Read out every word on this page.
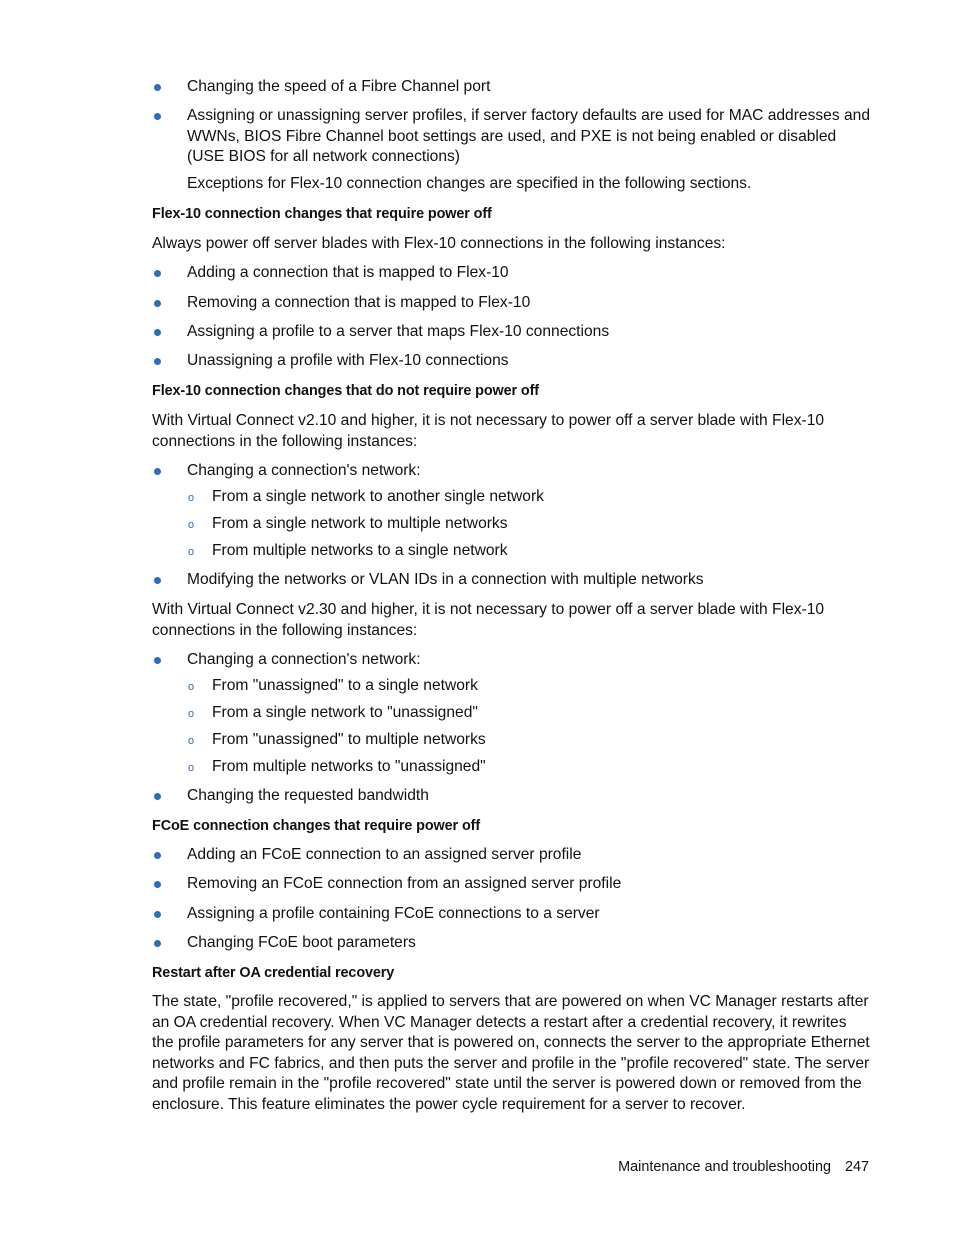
Changing the speed of a Fibre Channel port
Assigning or unassigning server profiles, if server factory defaults are used for MAC addresses and WWNs, BIOS Fibre Channel boot settings are used, and PXE is not being enabled or disabled (USE BIOS for all network connections)
Exceptions for Flex-10 connection changes are specified in the following sections.
Flex-10 connection changes that require power off
Always power off server blades with Flex-10 connections in the following instances:
Adding a connection that is mapped to Flex-10
Removing a connection that is mapped to Flex-10
Assigning a profile to a server that maps Flex-10 connections
Unassigning a profile with Flex-10 connections
Flex-10 connection changes that do not require power off
With Virtual Connect v2.10 and higher, it is not necessary to power off a server blade with Flex-10 connections in the following instances:
Changing a connection's network:
o From a single network to another single network
o From a single network to multiple networks
o From multiple networks to a single network
Modifying the networks or VLAN IDs in a connection with multiple networks
With Virtual Connect v2.30 and higher, it is not necessary to power off a server blade with Flex-10 connections in the following instances:
Changing a connection's network:
o From "unassigned" to a single network
o From a single network to "unassigned"
o From "unassigned" to multiple networks
o From multiple networks to "unassigned"
Changing the requested bandwidth
FCoE connection changes that require power off
Adding an FCoE connection to an assigned server profile
Removing an FCoE connection from an assigned server profile
Assigning a profile containing FCoE connections to a server
Changing FCoE boot parameters
Restart after OA credential recovery
The state, "profile recovered," is applied to servers that are powered on when VC Manager restarts after an OA credential recovery. When VC Manager detects a restart after a credential recovery, it rewrites the profile parameters for any server that is powered on, connects the server to the appropriate Ethernet networks and FC fabrics, and then puts the server and profile in the "profile recovered" state. The server and profile remain in the "profile recovered" state until the server is powered down or removed from the enclosure. This feature eliminates the power cycle requirement for a server to recover.
Maintenance and troubleshooting 247
